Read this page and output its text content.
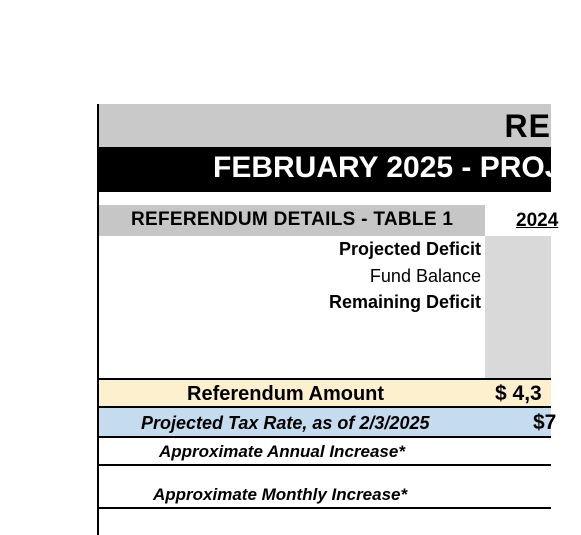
RE
FEBRUARY 2025 - PROJE
REFERENDUM DETAILS - TABLE 1	2024
Projected Deficit
Fund Balance
Remaining Deficit
Referendum Amount	$ 4,3
Projected Tax Rate, as of 2/3/2025	$7
Approximate Annual Increase*
Approximate Monthly Increase*
